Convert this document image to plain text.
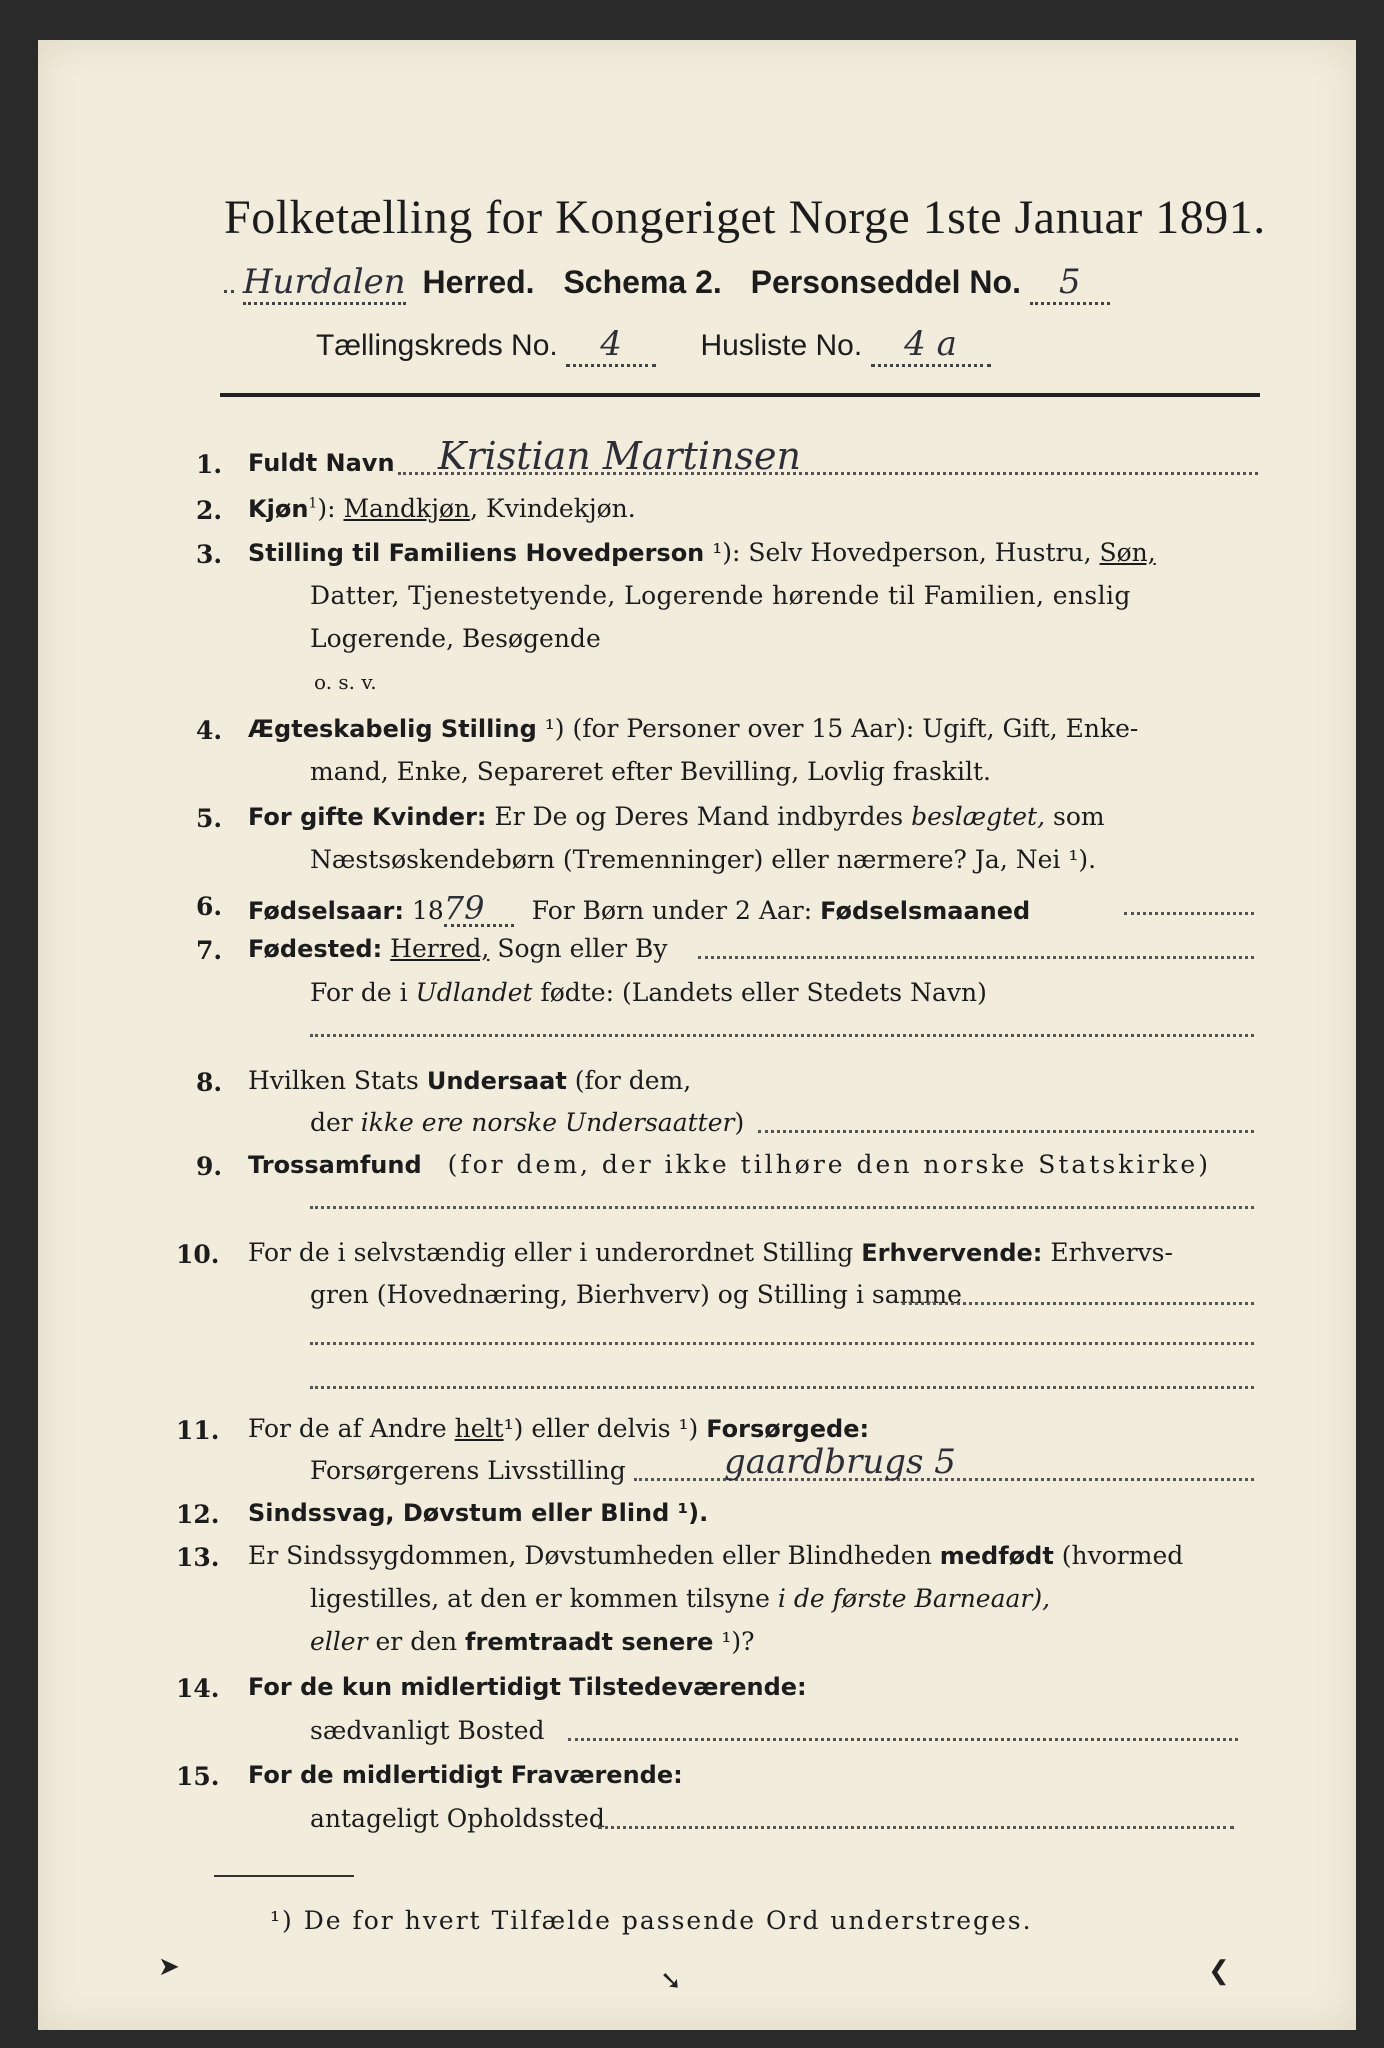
Folketælling for Kongeriget Norge 1ste Januar 1891.
Hurdalen Herred. Schema 2. Personseddel No. 5
Tællingskreds No. 4	Husliste No. 4 a
1. Fuldt Navn Kristian Martinsen
2. Kjøn$^1$): Mandkjøn, Kvindekjøn.
3. Stilling til Familiens Hovedperson ¹): Selv Hovedperson, Hustru, Søn,
Datter, Tjenestetyende, Logerende hørende til Familien, enslig
Logerende, Besøgende
o. s. v.
4. Ægteskabelig Stilling ¹) (for Personer over 15 Aar): Ugift, Gift, Enke-
mand, Enke, Separeret efter Bevilling, Lovlig fraskilt.
5. For gifte Kvinder: Er De og Deres Mand indbyrdes beslægtet, som
Næstsøskendebørn (Tremenninger) eller nærmere? Ja, Nei ¹).
6. Fødselsaar: 1879 For Børn under 2 Aar: Fødselsmaaned
7. Fødested: Herred, Sogn eller By
For de i Udlandet fødte: (Landets eller Stedets Navn)
8. Hvilken Stats Undersaat (for dem,
der ikke ere norske Undersaatter)
9. Trossamfund (for dem, der ikke tilhøre den norske Statskirke)
10. For de i selvstændig eller i underordnet Stilling Erhvervende: Erhvervs-
gren (Hovednæring, Bierhverv) og Stilling i samme
11. For de af Andre helt¹) eller delvis ¹) Forsørgede:
Forsørgerens Livsstilling	gaardbrugs 5
12. Sindssvag, Døvstum eller Blind ¹).
13. Er Sindssygdommen, Døvstumheden eller Blindheden medfødt (hvormed
ligestilles, at den er kommen tilsyne i de første Barneaar),
eller er den fremtraadt senere ¹)?
14. For de kun midlertidigt Tilstedeværende:
sædvanligt Bosted
15. For de midlertidigt Fraværende:
antageligt Opholdssted
¹) De for hvert Tilfælde passende Ord understreges.
➤	➘	❮
